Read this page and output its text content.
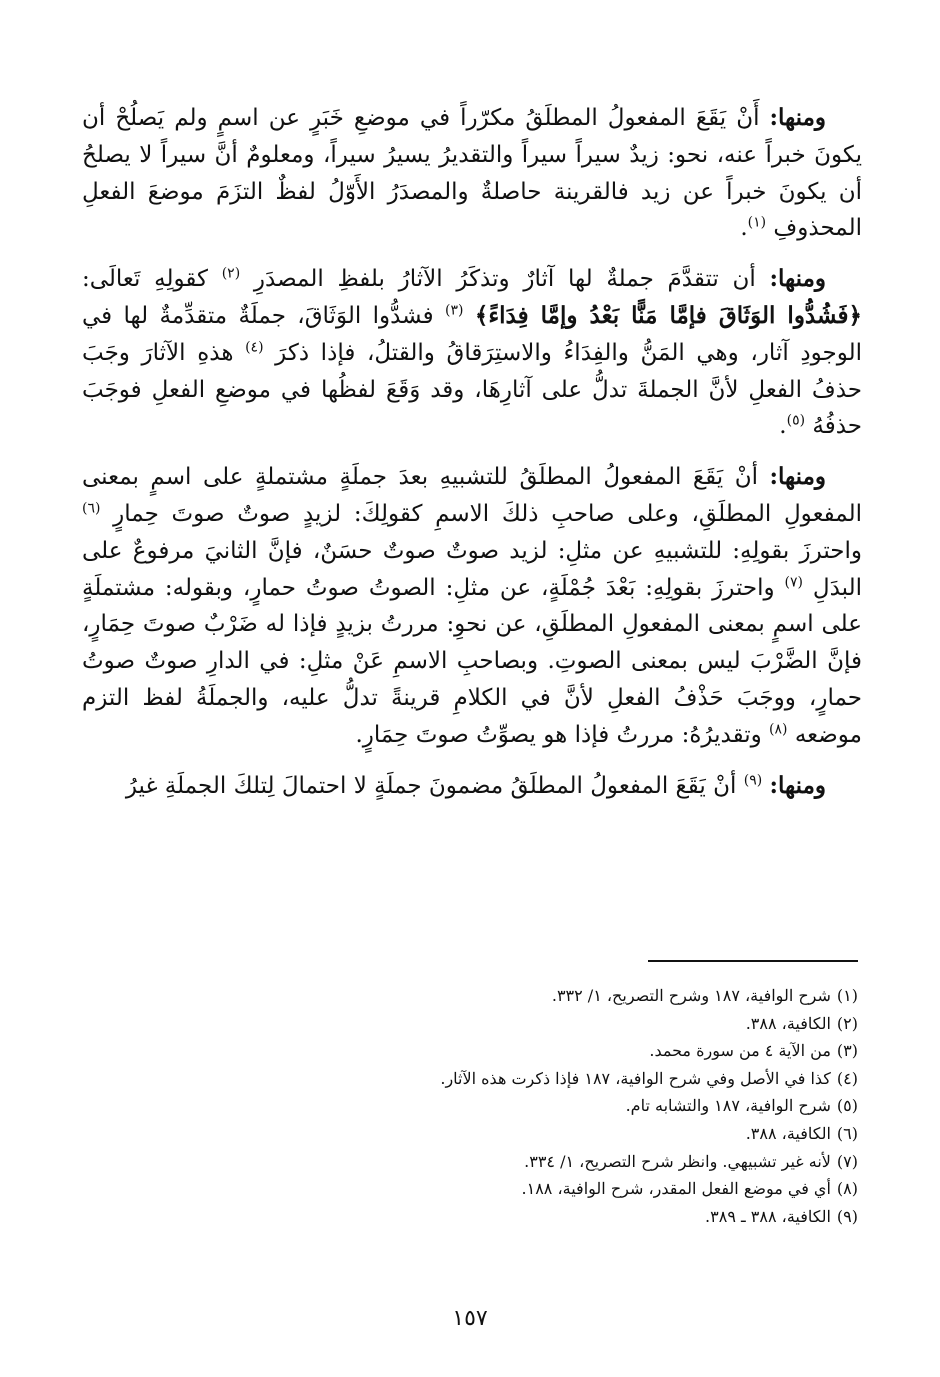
ومنها: أَنْ يَقَعَ المفعولُ المطلَقُ مكرّراً في موضعِ خَبَرٍ عن اسمٍ ولم يَصلُحْ أن يكونَ خبراً عنه، نحو: زيدٌ سيراً سيراً والتقديرُ يسيرُ سيراً، ومعلومٌ أنَّ سيراً لا يصلحُ أن يكونَ خبراً عن زيد فالقرينة حاصلةٌ والمصدَرُ الأَوّلُ لفظٌ التزَمَ موضعَ الفعلِ المحذوفِ $^{(١)}$.

ومنها: أن تتقدَّمَ جملةٌ لها آثارٌ وتذكَرُ الآثارُ بلفظِ المصدَرِ $^{(٢)}$ كقولِهِ تَعالَى: ﴿فَشُدُّوا الوَثَاقَ فإمَّا مَنًّا بَعْدُ وإمَّا فِدَاءً﴾ $^{(٣)}$ فشدُّوا الوَثَاقَ، جملَةٌ متقدِّمةٌ لها في الوجودِ آثار، وهي المَنُّ والفِدَاءُ والاستِرَقاقُ والقتلُ، فإذا ذكرَ $^{(٤)}$ هذهِ الآثارَ وجَبَ حذفُ الفعلِ لأنَّ الجملةَ تدلُّ على آثارِهَا، وقد وَقَعَ لفظُها في موضعِ الفعلِ فوجَبَ حذفُهُ $^{(٥)}$.

ومنها: أنْ يَقَعَ المفعولُ المطلَقُ للتشبيهِ بعدَ جملَةٍ مشتملةٍ على اسمٍ بمعنى المفعولِ المطلَقِ، وعلى صاحبِ ذلكَ الاسمِ كقولِكَ: لزيدٍ صوتٌ صوتَ حِمارٍ $^{(٦)}$ واحترزَ بقولِهِ: للتشبيهِ عن مثلِ: لزيد صوتٌ صوتٌ حسَنٌ، فإنَّ الثانيَ مرفوعٌ على البدَلِ $^{(٧)}$ واحترزَ بقولِهِ: بَعْدَ جُمْلَةٍ، عن مثلِ: الصوتُ صوتُ حمارٍ، وبقوله: مشتملَةٍ على اسمٍ بمعنى المفعولِ المطلَقِ، عن نحوِ: مررتُ بزيدٍ فإذا له ضَرْبٌ صوتَ حِمَارٍ، فإنَّ الضَّرْبَ ليس بمعنى الصوتِ. وبصاحبِ الاسمِ عَنْ مثلِ: في الدارِ صوتٌ صوتُ حمارٍ، ووجَبَ حَذْفُ الفعلِ لأنَّ في الكلامِ قرينةً تدلُّ عليه، والجملَةُ لفظ التزم موضعه $^{(٨)}$ وتقديرُهُ: مررتُ فإذا هو يصوِّتُ صوتَ حِمَارٍ.

ومنها: $^{(٩)}$ أنْ يَقَعَ المفعولُ المطلَقُ مضمونَ جملَةٍ لا احتمالَ لِتلكَ الجملَةِ غيرُ

(١)شرح الوافية، ١٨٧ وشرح التصريح، ١/ ٣٣٢.
(٢)الكافية، ٣٨٨.
(٣)من الآية ٤ من سورة محمد.
(٤)كذا في الأصل وفي شرح الوافية، ١٨٧ فإذا ذكرت هذه الآثار.
(٥)شرح الوافية، ١٨٧ والتشابه تام.
(٦)الكافية، ٣٨٨.
(٧)لأنه غير تشبيهي. وانظر شرح التصريح، ١/ ٣٣٤.
(٨)أي في موضع الفعل المقدر، شرح الوافية، ١٨٨.
(٩)الكافية، ٣٨٨ ـ ٣٨٩.
١٥٧
